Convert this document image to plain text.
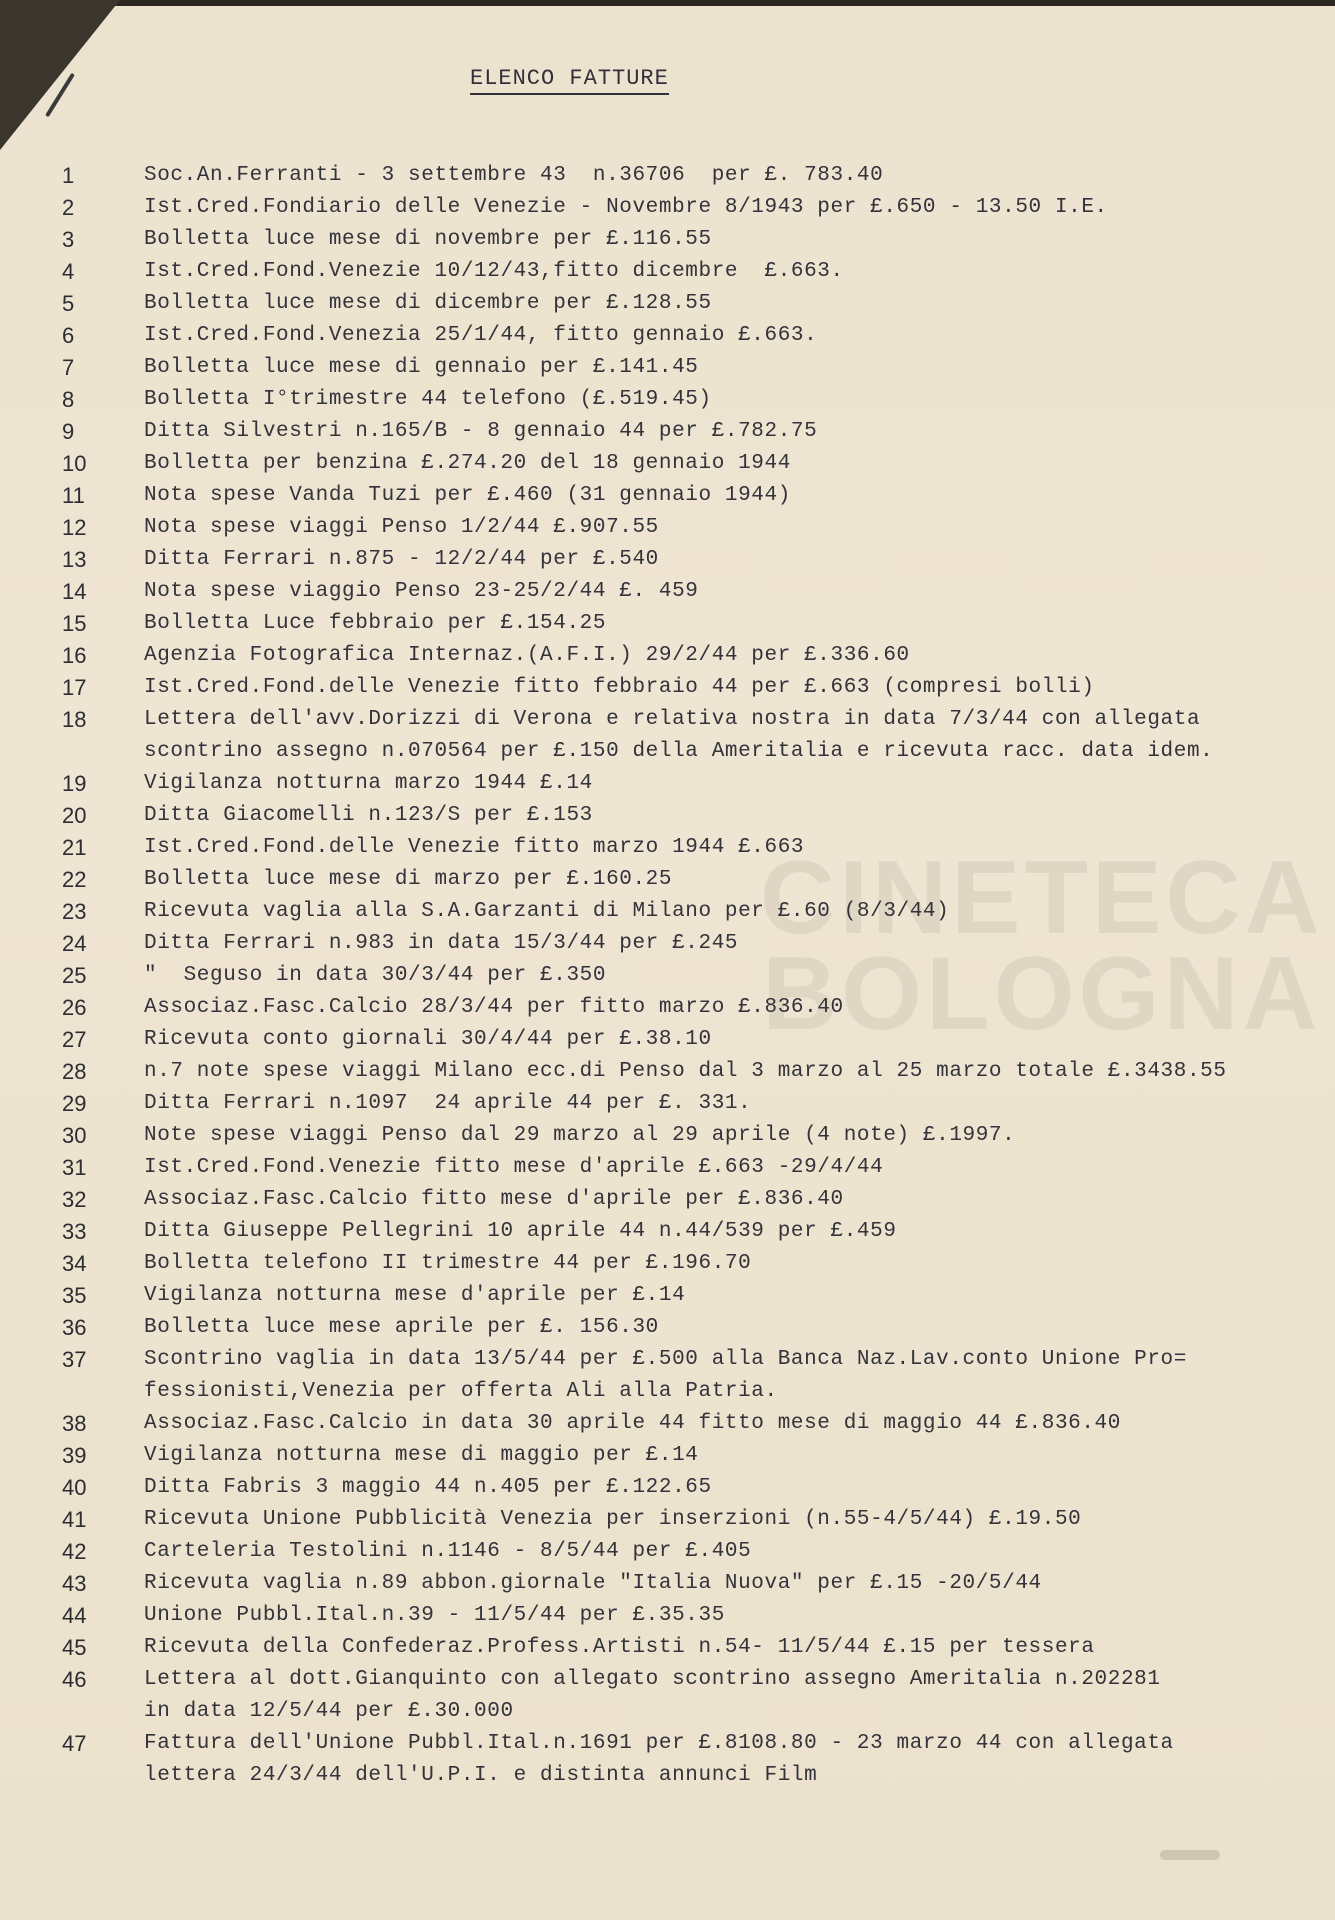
CINETECA
BOLOGNA
ELENCO FATTURE
1	Soc.An.Ferranti - 3 settembre 43  n.36706  per £. 783.40
2	Ist.Cred.Fondiario delle Venezie - Novembre 8/1943 per £.650 - 13.50 I.E.
3	Bolletta luce mese di novembre per £.116.55
4	Ist.Cred.Fond.Venezie 10/12/43,fitto dicembre  £.663.
5	Bolletta luce mese di dicembre per £.128.55
6	Ist.Cred.Fond.Venezia 25/1/44, fitto gennaio £.663.
7	Bolletta luce mese di gennaio per £.141.45
8	Bolletta I°trimestre 44 telefono (£.519.45)
9	Ditta Silvestri n.165/B - 8 gennaio 44 per £.782.75
10	Bolletta per benzina £.274.20 del 18 gennaio 1944
11	Nota spese Vanda Tuzi per £.460 (31 gennaio 1944)
12	Nota spese viaggi Penso 1/2/44 £.907.55
13	Ditta Ferrari n.875 - 12/2/44 per £.540
14	Nota spese viaggio Penso 23-25/2/44 £. 459
15	Bolletta Luce febbraio per £.154.25
16	Agenzia Fotografica Internaz.(A.F.I.) 29/2/44 per £.336.60
17	Ist.Cred.Fond.delle Venezie fitto febbraio 44 per £.663 (compresi bolli)
18	Lettera dell'avv.Dorizzi di Verona e relativa nostra in data 7/3/44 con allegata
scontrino assegno n.070564 per £.150 della Ameritalia e ricevuta racc. data idem.
19	Vigilanza notturna marzo 1944 £.14
20	Ditta Giacomelli n.123/S per £.153
21	Ist.Cred.Fond.delle Venezie fitto marzo 1944 £.663
22	Bolletta luce mese di marzo per £.160.25
23	Ricevuta vaglia alla S.A.Garzanti di Milano per £.60 (8/3/44)
24	Ditta Ferrari n.983 in data 15/3/44 per £.245
25	"  Seguso in data 30/3/44 per £.350
26	Associaz.Fasc.Calcio 28/3/44 per fitto marzo £.836.40
27	Ricevuta conto giornali 30/4/44 per £.38.10
28	n.7 note spese viaggi Milano ecc.di Penso dal 3 marzo al 25 marzo totale £.3438.55
29	Ditta Ferrari n.1097  24 aprile 44 per £. 331.
30	Note spese viaggi Penso dal 29 marzo al 29 aprile (4 note) £.1997.
31	Ist.Cred.Fond.Venezie fitto mese d'aprile £.663 -29/4/44
32	Associaz.Fasc.Calcio fitto mese d'aprile per £.836.40
33	Ditta Giuseppe Pellegrini 10 aprile 44 n.44/539 per £.459
34	Bolletta telefono II trimestre 44 per £.196.70
35	Vigilanza notturna mese d'aprile per £.14
36	Bolletta luce mese aprile per £. 156.30
37	Scontrino vaglia in data 13/5/44 per £.500 alla Banca Naz.Lav.conto Unione Pro=
fessionisti,Venezia per offerta Ali alla Patria.
38	Associaz.Fasc.Calcio in data 30 aprile 44 fitto mese di maggio 44 £.836.40
39	Vigilanza notturna mese di maggio per £.14
40	Ditta Fabris 3 maggio 44 n.405 per £.122.65
41	Ricevuta Unione Pubblicità Venezia per inserzioni (n.55-4/5/44) £.19.50
42	Carteleria Testolini n.1146 - 8/5/44 per £.405
43	Ricevuta vaglia n.89 abbon.giornale "Italia Nuova" per £.15 -20/5/44
44	Unione Pubbl.Ital.n.39 - 11/5/44 per £.35.35
45	Ricevuta della Confederaz.Profess.Artisti n.54- 11/5/44 £.15 per tessera
46	Lettera al dott.Gianquinto con allegato scontrino assegno Ameritalia n.202281
in data 12/5/44 per £.30.000
47	Fattura dell'Unione Pubbl.Ital.n.1691 per £.8108.80 - 23 marzo 44 con allegata
lettera 24/3/44 dell'U.P.I. e distinta annunci Film
